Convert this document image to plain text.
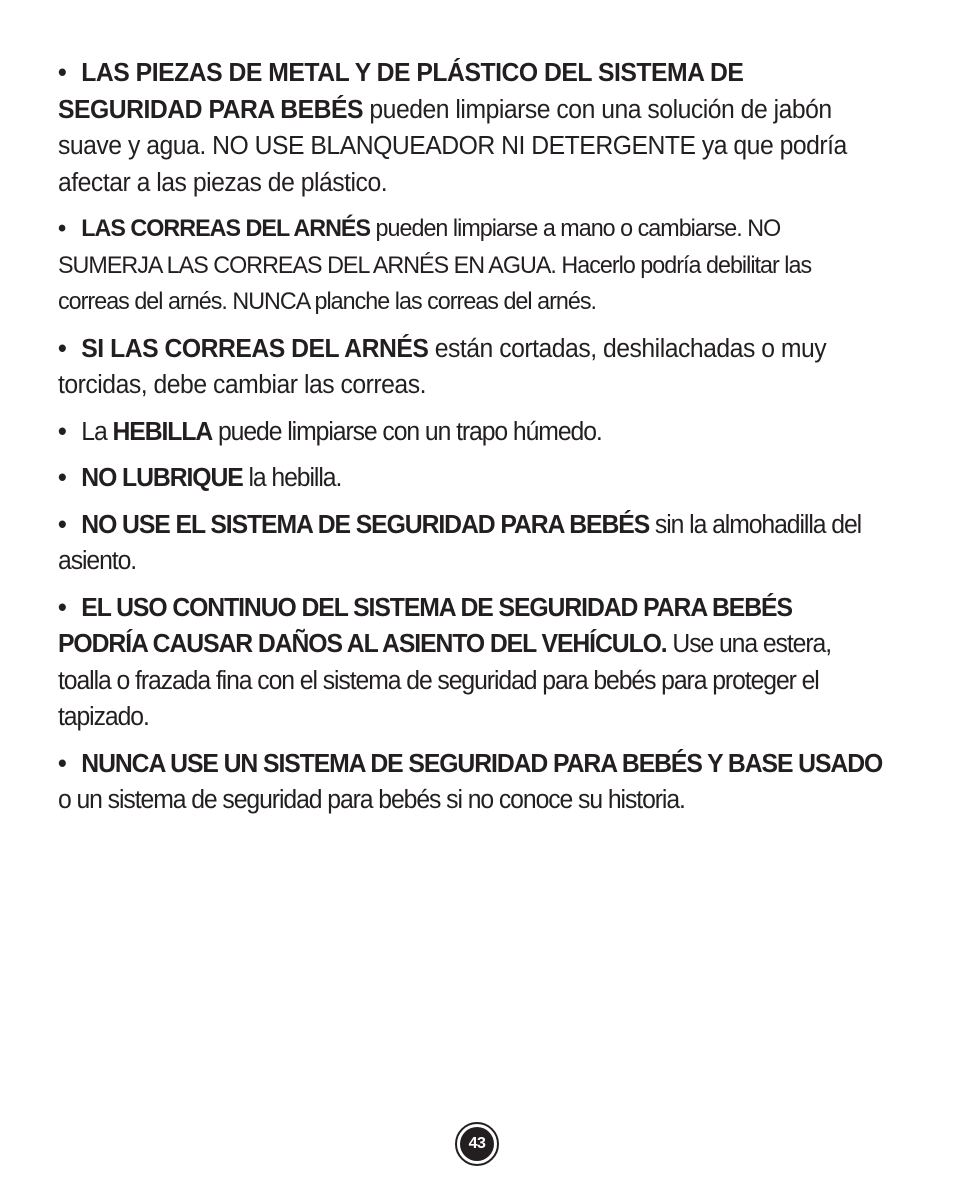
• LAS PIEZAS DE METAL Y DE PLÁSTICO DEL SISTEMA DE SEGURIDAD PARA BEBÉS pueden limpiarse con una solución de jabón suave y agua. NO USE BLANQUEADOR NI DETERGENTE ya que podría afectar a las piezas de plástico.

• LAS CORREAS DEL ARNÉS pueden limpiarse a mano o cambiarse. NO SUMERJA LAS CORREAS DEL ARNÉS EN AGUA. Hacerlo podría debilitar las correas del arnés. NUNCA planche las correas del arnés.

• SI LAS CORREAS DEL ARNÉS están cortadas, deshilachadas o muy torcidas, debe cambiar las correas.

• La HEBILLA puede limpiarse con un trapo húmedo.

• NO LUBRIQUE la hebilla.

• NO USE EL SISTEMA DE SEGURIDAD PARA BEBÉS sin la almohadilla del asiento.

• EL USO CONTINUO DEL SISTEMA DE SEGURIDAD PARA BEBÉS PODRÍA CAUSAR DAÑOS AL ASIENTO DEL VEHÍCULO. Use una estera, toalla o frazada fina con el sistema de seguridad para bebés para proteger el tapizado.

• NUNCA USE UN SISTEMA DE SEGURIDAD PARA BEBÉS Y BASE USADO o un sistema de seguridad para bebés si no conoce su historia.

43
